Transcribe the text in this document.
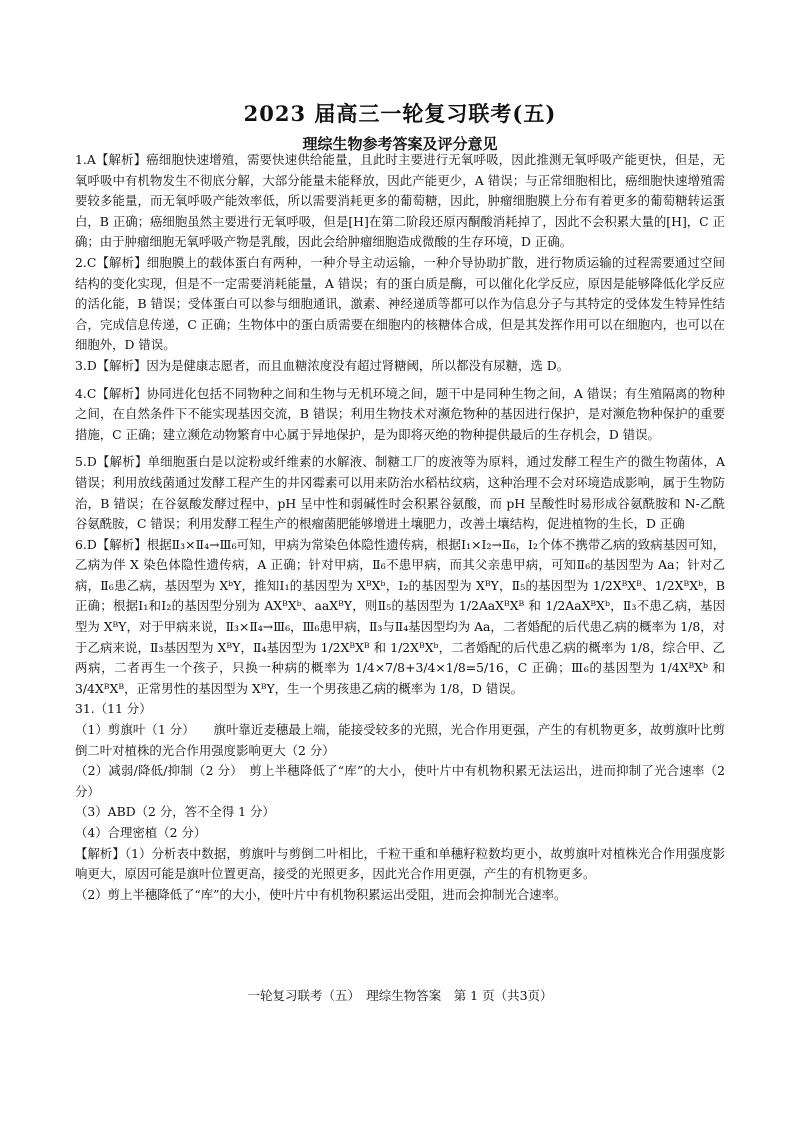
2023 届高三一轮复习联考(五)
理综生物参考答案及评分意见

1.A【解析】癌细胞快速增殖，需要快速供给能量，且此时主要进行无氧呼吸，因此推测无氧呼吸产能更快，但是，无氧呼吸中有机物发生不彻底分解，大部分能量未能释放，因此产能更少，A 错误；与正常细胞相比，癌细胞快速增殖需要较多能量，而无氧呼吸产能效率低，所以需要消耗更多的葡萄糖，因此，肿瘤细胞膜上分布有着更多的葡萄糖转运蛋白，B 正确；癌细胞虽然主要进行无氧呼吸，但是[H]在第二阶段还原丙酮酸消耗掉了，因此不会积累大量的[H]，C 正确；由于肿瘤细胞无氧呼吸产物是乳酸，因此会给肿瘤细胞造成微酸的生存环境，D 正确。

2.C【解析】细胞膜上的载体蛋白有两种，一种介导主动运输，一种介导协助扩散，进行物质运输的过程需要通过空间结构的变化实现，但是不一定需要消耗能量，A 错误；有的蛋白质是酶，可以催化化学反应，原因是能够降低化学反应的活化能，B 错误；受体蛋白可以参与细胞通讯，激素、神经递质等都可以作为信息分子与其特定的受体发生特异性结合，完成信息传递，C 正确；生物体中的蛋白质需要在细胞内的核糖体合成，但是其发挥作用可以在细胞内，也可以在细胞外，D 错误。

3.D【解析】因为是健康志愿者，而且血糖浓度没有超过肾糖阈，所以都没有尿糖，选 D。

4.C【解析】协同进化包括不同物种之间和生物与无机环境之间，题干中是同种生物之间，A 错误；有生殖隔离的物种之间，在自然条件下不能实现基因交流，B 错误；利用生物技术对濒危物种的基因进行保护，是对濒危物种保护的重要措施，C 正确；建立濒危动物繁育中心属于异地保护，是为即将灭绝的物种提供最后的生存机会，D 错误。

5.D【解析】单细胞蛋白是以淀粉或纤维素的水解液、制糖工厂的废液等为原料，通过发酵工程生产的微生物菌体，A 错误；利用放线菌通过发酵工程产生的井冈霉素可以用来防治水稻枯纹病，这种治理不会对环境造成影响，属于生物防治，B 错误；在谷氨酸发酵过程中，pH 呈中性和弱碱性时会积累谷氨酸，而 pH 呈酸性时易形成谷氨酰胺和 N-乙酰谷氨酰胺，C 错误；利用发酵工程生产的根瘤菌肥能够增进土壤肥力，改善土壤结构，促进植物的生长，D 正确

6.D【解析】根据Ⅱ₃×Ⅱ₄→Ⅲ₆可知，甲病为常染色体隐性遗传病，根据Ⅰ₁×Ⅰ₂→Ⅱ₆，Ⅰ₂个体不携带乙病的致病基因可知，乙病为伴 X 染色体隐性遗传病，A 正确；针对甲病，Ⅱ₆不患甲病，而其父亲患甲病，可知Ⅱ₆的基因型为 Aa；针对乙病，Ⅱ₆患乙病，基因型为 XᵇY，推知Ⅰ₁的基因型为 XᴮXᵇ，Ⅰ₂的基因型为 XᴮY，Ⅱ₅的基因型为 1/2XᴮXᴮ、1/2XᴮXᵇ，B 正确；根据Ⅰ₁和Ⅰ₂的基因型分别为 AXᴮXᵇ、aaXᴮY，则Ⅱ₅的基因型为 1/2AaXᴮXᴮ 和 1/2AaXᴮXᵇ，Ⅱ₃不患乙病，基因型为 XᴮY，对于甲病来说，Ⅱ₃×Ⅱ₄→Ⅲ₆，Ⅲ₆患甲病，Ⅱ₃与Ⅱ₄基因型均为 Aa，二者婚配的后代患乙病的概率为 1/8，对于乙病来说，Ⅱ₃基因型为 XᴮY，Ⅱ₄基因型为 1/2XᴮXᴮ 和 1/2XᴮXᵇ，二者婚配的后代患乙病的概率为 1/8，综合甲、乙两病，二者再生一个孩子，只换一种病的概率为 1/4×7/8+3/4×1/8=5/16，C 正确；Ⅲ₆的基因型为 1/4XᴮXᵇ 和 3/4XᴮXᴮ，正常男性的基因型为 XᴮY，生一个男孩患乙病的概率为 1/8，D 错误。

31.（11 分）

（1）剪旗叶（1 分）　　旗叶靠近麦穗最上端，能接受较多的光照，光合作用更强，产生的有机物更多，故剪旗叶比剪倒二叶对植株的光合作用强度影响更大（2 分）

（2）减弱/降低/抑制（2 分）　剪上半穗降低了“库”的大小，使叶片中有机物积累无法运出，进而抑制了光合速率（2 分）

（3）ABD（2 分，答不全得 1 分）

（4）合理密植（2 分）

【解析】（1）分析表中数据，剪旗叶与剪倒二叶相比，千粒干重和单穗籽粒数均更小，故剪旗叶对植株光合作用强度影响更大，原因可能是旗叶位置更高，接受的光照更多，因此光合作用更强，产生的有机物更多。

（2）剪上半穗降低了“库”的大小，使叶片中有机物积累运出受阻，进而会抑制光合速率。

一轮复习联考（五）　理综生物答案　第 1 页（共3页）
